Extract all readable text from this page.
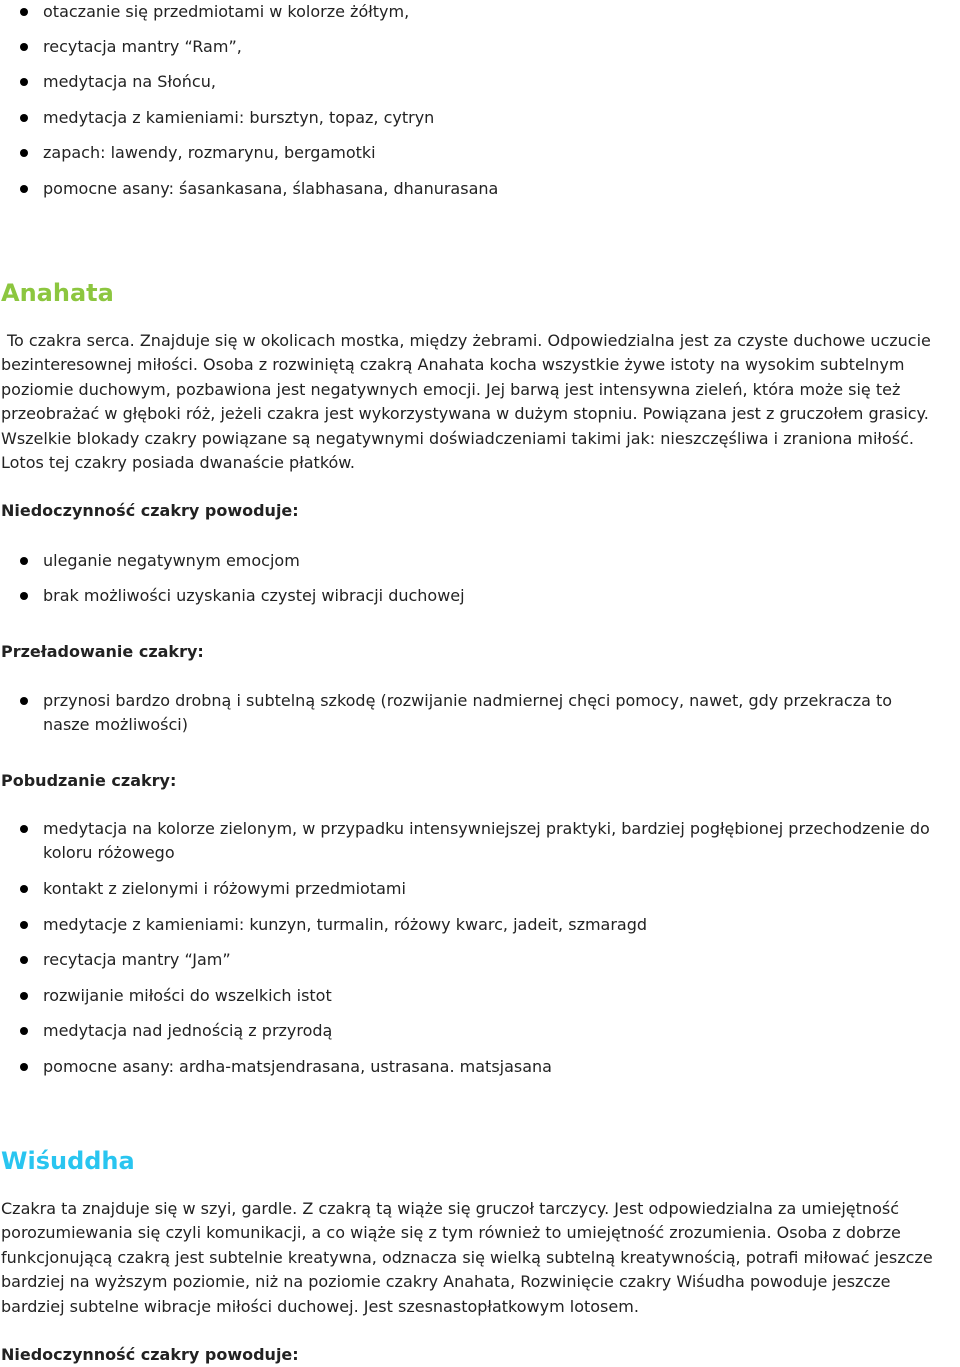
otaczanie się przedmiotami w kolorze żółtym,
recytacja mantry “Ram”,
medytacja na Słońcu,
medytacja z kamieniami: bursztyn, topaz, cytryn
zapach: lawendy, rozmarynu, bergamotki
pomocne asany: śasankasana, ślabhasana, dhanurasana
Anahata

To czakra serca. Znajduje się w okolicach mostka, między żebrami. Odpowiedzialna jest za czyste duchowe uczucie bezinteresownej miłości. Osoba z rozwiniętą czakrą Anahata kocha wszystkie żywe istoty na wysokim subtelnym poziomie duchowym, pozbawiona jest negatywnych emocji. Jej barwą jest intensywna zieleń, która może się też przeobrażać w głęboki róż, jeżeli czakra jest wykorzystywana w dużym stopniu. Powiązana jest z gruczołem grasicy. Wszelkie blokady czakry powiązane są negatywnymi doświadczeniami takimi jak: nieszczęśliwa i zraniona miłość. Lotos tej czakry posiada dwanaście płatków.

Niedoczynność czakry powoduje:

uleganie negatywnym emocjom
brak możliwości uzyskania czystej wibracji duchowej

Przeładowanie czakry:

przynosi bardzo drobną i subtelną szkodę (rozwijanie nadmiernej chęci pomocy, nawet, gdy przekracza to nasze możliwości)

Pobudzanie czakry:

medytacja na kolorze zielonym, w przypadku intensywniejszej praktyki, bardziej pogłębionej przechodzenie do koloru różowego
kontakt z zielonymi i różowymi przedmiotami
medytacje z kamieniami: kunzyn, turmalin, różowy kwarc, jadeit, szmaragd
recytacja mantry “Jam”
rozwijanie miłości do wszelkich istot
medytacja nad jednością z przyrodą
pomocne asany: ardha-matsjendrasana, ustrasana. matsjasana
Wiśuddha

Czakra ta znajduje się w szyi, gardle. Z czakrą tą wiąże się gruczoł tarczycy. Jest odpowiedzialna za umiejętność porozumiewania się czyli komunikacji, a co wiąże się z tym również to umiejętność zrozumienia. Osoba z dobrze funkcjonującą czakrą jest subtelnie kreatywna, odznacza się wielką subtelną kreatywnością, potrafi miłować jeszcze bardziej na wyższym poziomie, niż na poziomie czakry Anahata, Rozwinięcie czakry Wiśudha powoduje jeszcze bardziej subtelne wibracje miłości duchowej. Jest szesnastopłatkowym lotosem.

Niedoczynność czakry powoduje:
